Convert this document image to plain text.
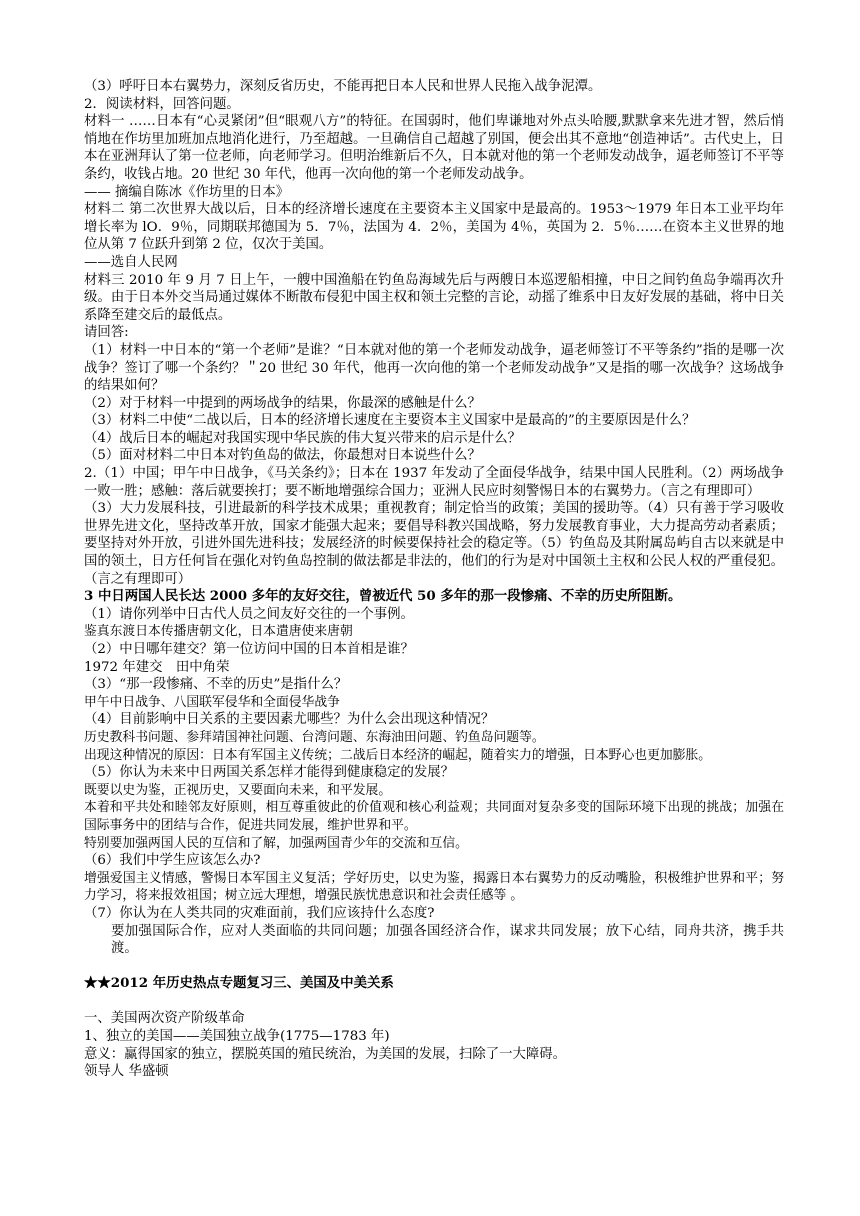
（3）呼吁日本右翼势力，深刻反省历史，不能再把日本人民和世界人民拖入战争泥潭。
2．阅读材料，回答问题。
材料一 ……日本有“心灵紧闭”但“眼观八方”的特征。在国弱时，他们卑谦地对外点头哈腰,默默拿来先进才智，然后悄悄地在作坊里加班加点地消化进行，乃至超越。一旦确信自己超越了别国，便会出其不意地“创造神话”。古代史上，日本在亚洲拜认了第一位老师，向老师学习。但明治维新后不久，日本就对他的第一个老师发动战争，逼老师签订不平等条约，收钱占地。20 世纪 30 年代，他再一次向他的第一个老师发动战争。
—— 摘编自陈冰《作坊里的日本》
材料二 第二次世界大战以后，日本的经济增长速度在主要资本主义国家中是最高的。1953～1979 年日本工业平均年增长率为 lO．9％，同期联邦德国为 5．7％，法国为 4．2％，美国为 4％，英国为 2．5％……在资本主义世界的地位从第 7 位跃升到第 2 位，仅次于美国。
——选自人民网
材料三 2010 年 9 月 7 日上午，一艘中国渔船在钓鱼岛海域先后与两艘日本巡逻船相撞，中日之间钓鱼岛争端再次升级。由于日本外交当局通过媒体不断散布侵犯中国主权和领土完整的言论，动摇了维系中日友好发展的基础，将中日关系降至建交后的最低点。
请回答:
（1）材料一中日本的“第一个老师”是谁？“日本就对他的第一个老师发动战争，逼老师签订不平等条约”指的是哪一次战争？签订了哪一个条约？＂20 世纪 30 年代，他再一次向他的第一个老师发动战争”又是指的哪一次战争？这场战争的结果如何？
（2）对于材料一中提到的两场战争的结果，你最深的感触是什么？
（3）材料二中使“二战以后，日本的经济增长速度在主要资本主义国家中是最高的”的主要原因是什么？
（4）战后日本的崛起对我国实现中华民族的伟大复兴带来的启示是什么？
（5）面对材料二中日本对钓鱼岛的做法，你最想对日本说些什么？
2.（1）中国；甲午中日战争，《马关条约》；日本在 1937 年发动了全面侵华战争，结果中国人民胜利。（2）两场战争一败一胜；感触：落后就要挨打；要不断地增强综合国力；亚洲人民应时刻警惕日本的右翼势力。（言之有理即可）
（3）大力发展科技，引进最新的科学技术成果；重视教育；制定恰当的政策；美国的援助等。（4）只有善于学习吸收世界先进文化，坚持改革开放，国家才能强大起来；要倡导科教兴国战略，努力发展教育事业，大力提高劳动者素质；要坚持对外开放，引进外国先进科技；发展经济的时候要保持社会的稳定等。（5）钓鱼岛及其附属岛屿自古以来就是中国的领土，日方任何旨在强化对钓鱼岛控制的做法都是非法的，他们的行为是对中国领土主权和公民人权的严重侵犯。（言之有理即可）
3 中日两国人民长达 2000 多年的友好交往，曾被近代 50 多年的那一段惨痛、不幸的历史所阻断。
（1）请你列举中日古代人员之间友好交往的一个事例。
鉴真东渡日本传播唐朝文化，日本遣唐使来唐朝
（2）中日哪年建交？第一位访问中国的日本首相是谁？
1972 年建交　田中角荣
（3）“那一段惨痛、不幸的历史”是指什么？
甲午中日战争、八国联军侵华和全面侵华战争
（4）目前影响中日关系的主要因素尤哪些？为什么会出现这种情况？
历史教科书问题、参拜靖国神社问题、台湾问题、东海油田问题、钓鱼岛问题等。
出现这种情况的原因：日本有军国主义传统；二战后日本经济的崛起，随着实力的增强，日本野心也更加膨胀。
（5）你认为未来中日两国关系怎样才能得到健康稳定的发展？
既要以史为鉴，正视历史，又要面向未来，和平发展。
本着和平共处和睦邻友好原则，相互尊重彼此的价值观和核心利益观；共同面对复杂多变的国际环境下出现的挑战；加强在国际事务中的团结与合作，促进共同发展，维护世界和平。
特别要加强两国人民的互信和了解，加强两国青少年的交流和互信。
（6）我们中学生应该怎么办?
增强爱国主义情感，警惕日本军国主义复活；学好历史，以史为鉴，揭露日本右翼势力的反动嘴脸，积极维护世界和平；努力学习，将来报效祖国；树立远大理想，增强民族忧患意识和社会责任感等 。
（7）你认为在人类共同的灾难面前，我们应该持什么态度?
要加强国际合作，应对人类面临的共同问题；加强各国经济合作，谋求共同发展；放下心结，同舟共济，携手共渡。
★★2012 年历史热点专题复习三、美国及中美关系
一、美国两次资产阶级革命
1、独立的美国——美国独立战争(1775—1783 年)
意义：赢得国家的独立，摆脱英国的殖民统治，为美国的发展，扫除了一大障碍。
领导人 华盛顿
